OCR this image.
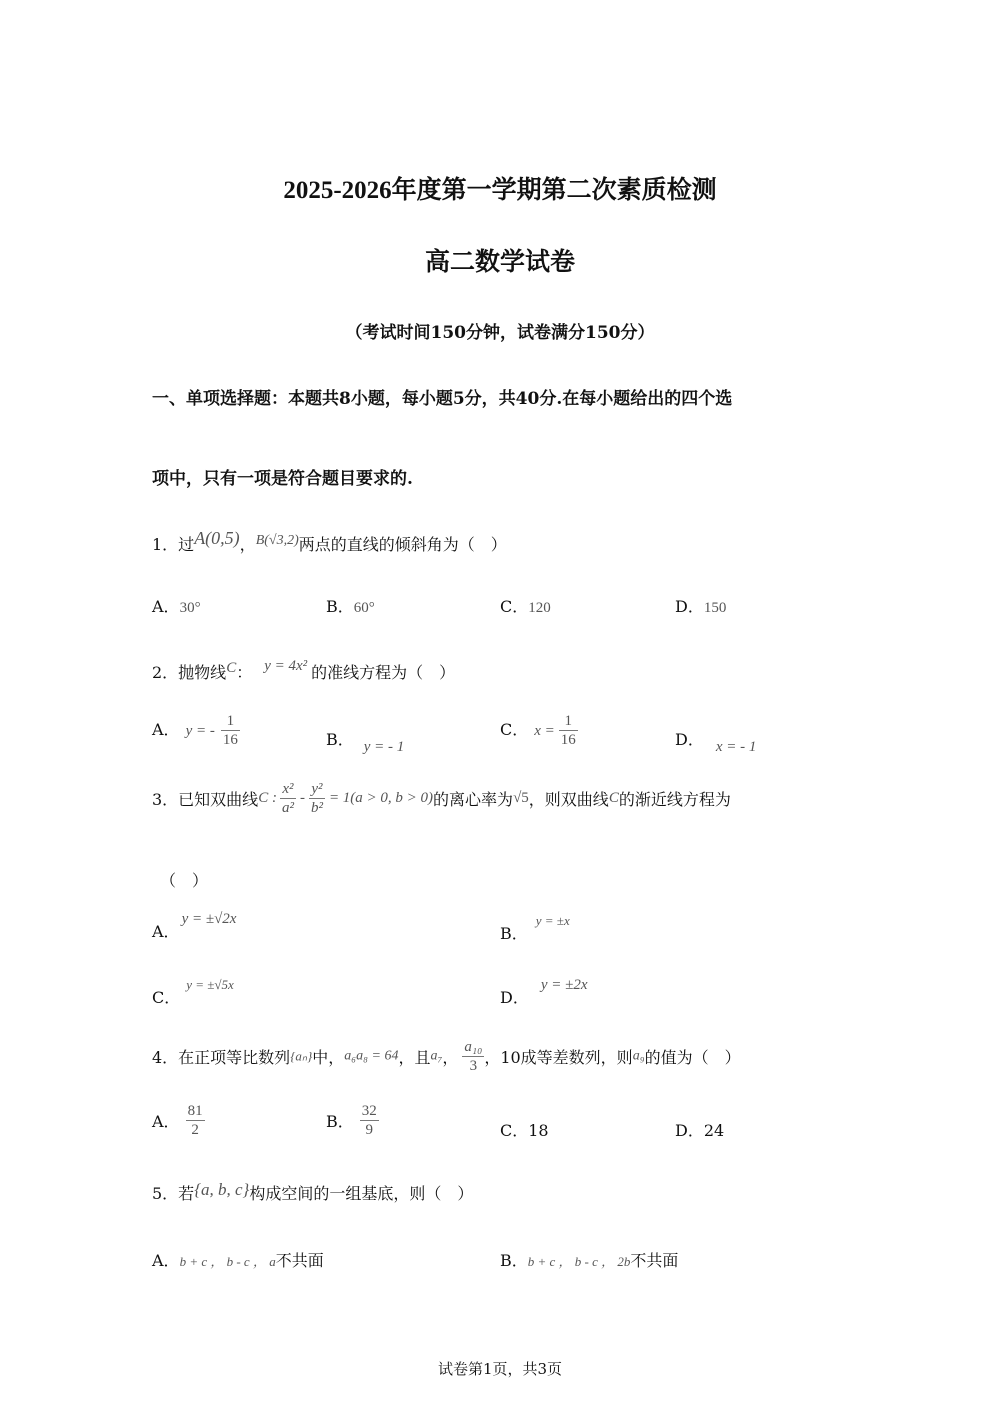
2025-2026年度第一学期第二次素质检测
高二数学试卷
（考试时间150分钟，试卷满分150分）
一、单项选择题：本题共8小题，每小题5分，共40分.在每小题给出的四个选
项中，只有一项是符合题目要求的.
1．过A(0,5)，B(√3,2)两点的直线的倾斜角为（　）
A．30°	B．60°	C．120	D．150
2．抛物线C： y = 4x² 的准线方程为（　）
A． y = - $\frac{1}{16}$	B． y = - 1
C． $x = \frac{1}{16}$	D． x = - 1
3．已知双曲线C : $\frac{\text{x²}}{\text{a²}} - \frac{\text{y²}}{\text{b²}} = 1(a > 0$, b > 0)的离心率为√5，则双曲线C的渐近线方程为
（　）
A．y = ±√2x
B．y = ±x
C．y = ±√5x
D．y = ±2x
4．在正项等比数列{aₙ}中，a₆a₈ = 64，且a₇， $\frac{\text{a₁₀}}{3}$ ，10成等差数列，则a₉的值为（　）
A． $\frac{81}{2}$	B． $\frac{32}{9}$	C．18	D．24
5．若{a, b, c}构成空间的一组基底，则（　）
A．b + c ， b - c ， a不共面	B．b + c ， b - c ， 2b不共面
试卷第1页，共3页
